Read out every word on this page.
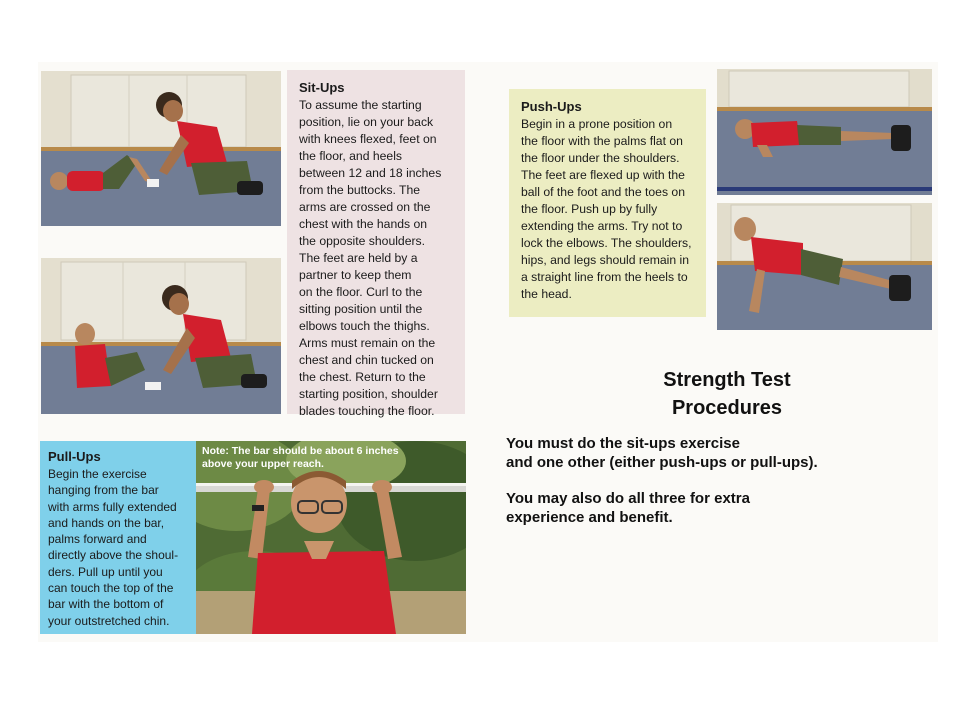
Sit-Ups

To assume the starting
position, lie on your back
with knees flexed, feet on
the floor, and heels
between 12 and 18 inches
from the buttocks. The
arms are crossed on the
chest with the hands on
the opposite shoulders.
The feet are held by a
partner to keep them
on the floor. Curl to the
sitting position until the
elbows touch the thighs.
Arms must remain on the
chest and chin tucked on
the chest. Return to the
starting position, shoulder
blades touching the floor.

Push-Ups

Begin in a prone position on
the floor with the palms flat on
the floor under the shoulders.
The feet are flexed up with the
ball of the foot and the toes on
the floor. Push up by fully
extending the arms. Try not to
lock the elbows. The shoulders,
hips, and legs should remain in
a straight line from the heels to
the head.

Pull-Ups

Begin the exercise
hanging from the bar
with arms fully extended
and hands on the bar,
palms forward and
directly above the shoul-
ders. Pull up until you
can touch the top of the
bar with the bottom of
your outstretched chin.

Note: The bar should be about 6 inches
above your upper reach.
Strength Test
Procedures
You must do the sit-ups exercise
and one other (either push-ups or pull-ups).
You may also do all three for extra
experience and benefit.
